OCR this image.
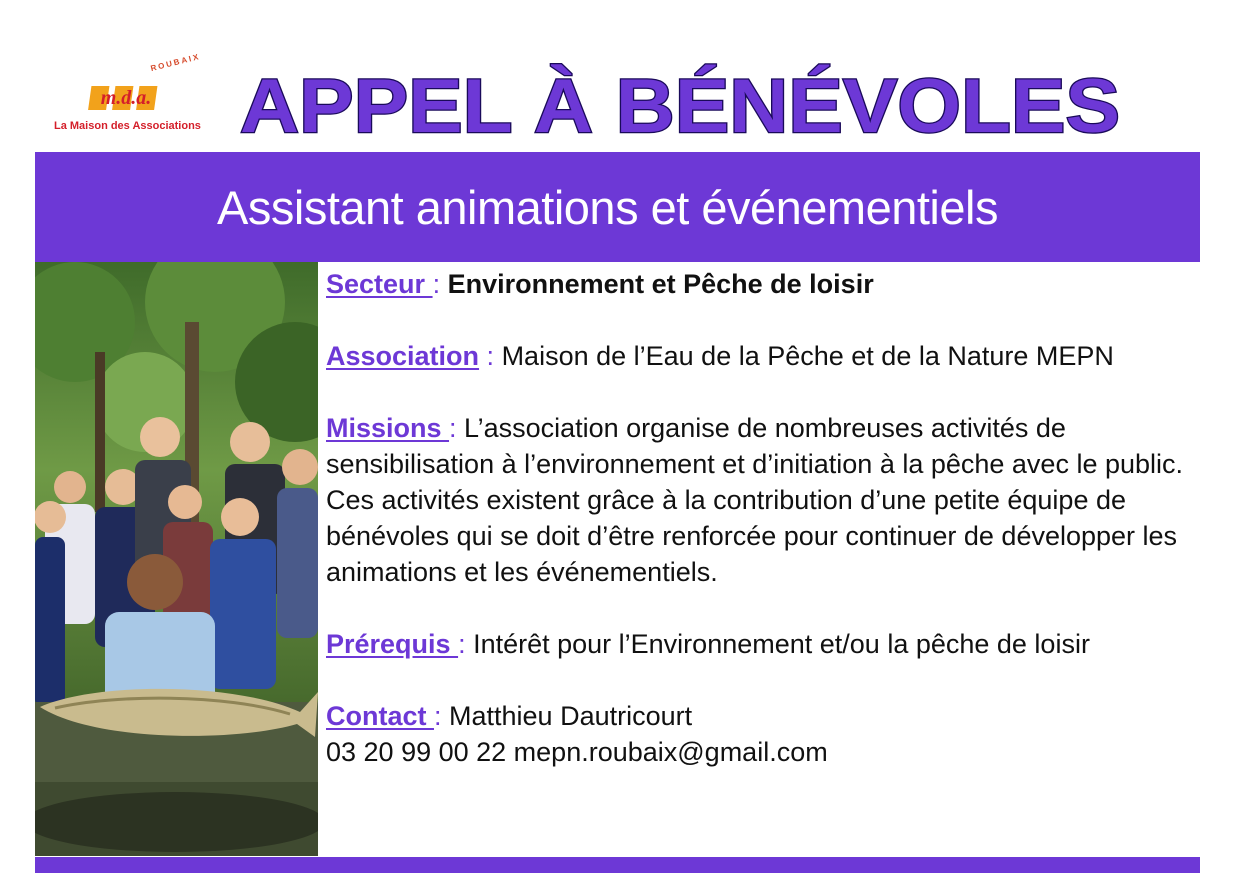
ROUBAIX
m.d.a.
La Maison des Associations APPEL À BÉNÉVOLES
Assistant animations et événementiels
Secteur : Environnement et Pêche de loisir
Association : Maison de l’Eau de la Pêche et de la Nature MEPN
Missions : L’association organise de nombreuses activités de sensibilisation à l’environnement et d’initiation à la pêche avec le public. Ces activités existent grâce à la contribution d’une petite équipe de bénévoles qui se doit d’être renforcée pour continuer de développer les animations et les événementiels.
Prérequis : Intérêt pour l’Environnement et/ou la pêche de loisir
Contact : Matthieu Dautricourt
03 20 99 00 22 mepn.roubaix@gmail.com
